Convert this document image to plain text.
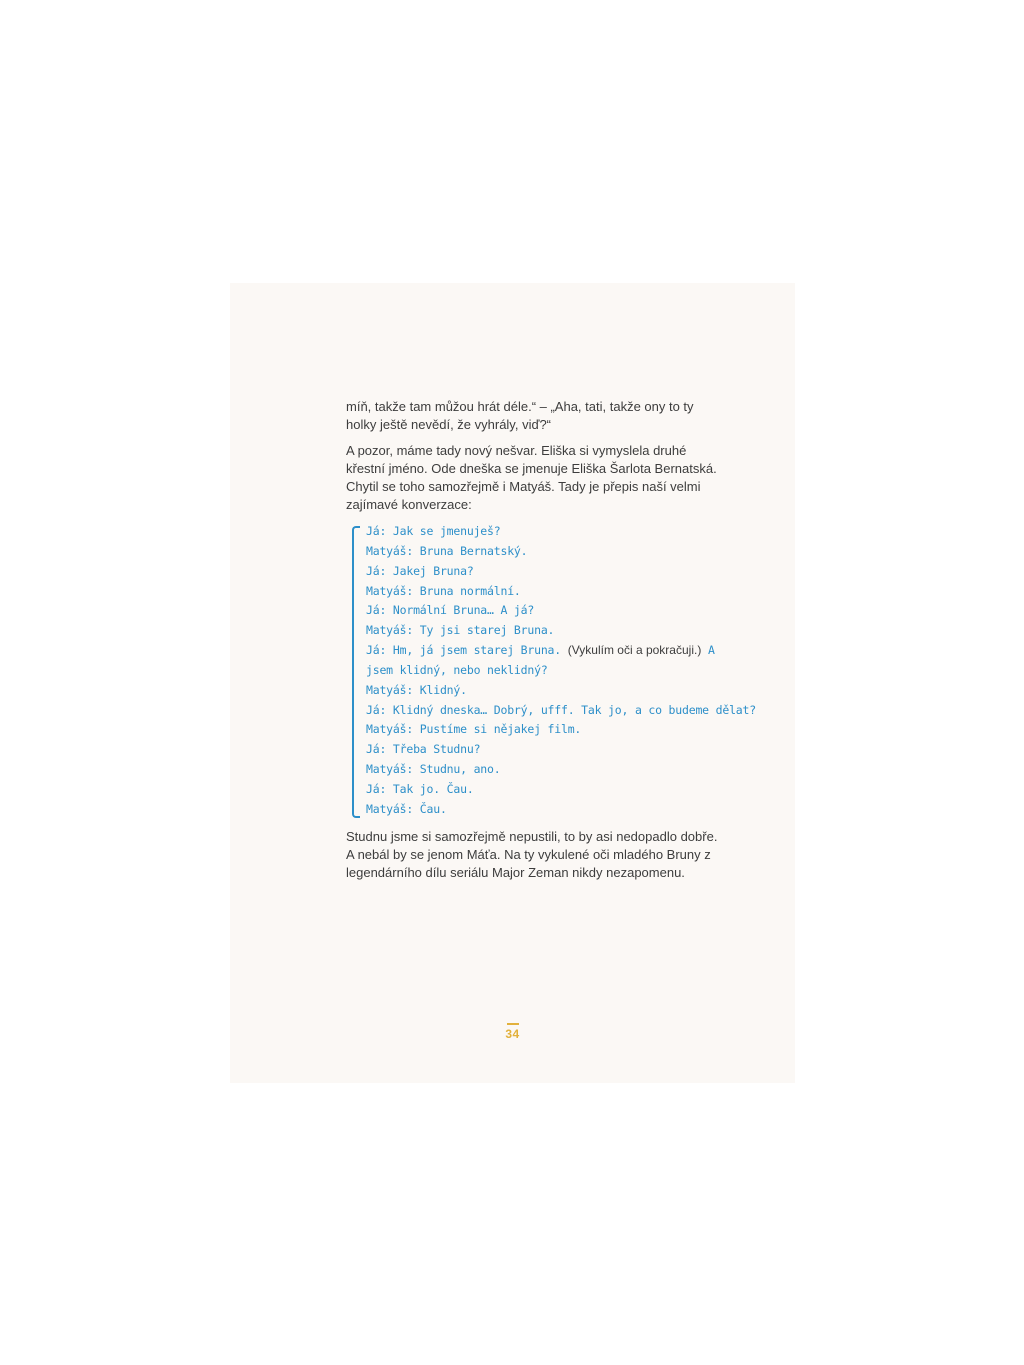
míň, takže tam můžou hrát déle.“ – „Aha, tati, takže ony to ty holky ještě nevědí, že vyhrály, viď?“

A pozor, máme tady nový nešvar. Eliška si vymyslela druhé křestní jméno. Ode dneška se jmenuje Eliška Šarlota Bernatská. Chytil se toho samozřejmě i Matyáš. Tady je přepis naší velmi zajímavé konverzace:

Já: Jak se jmenuješ?
Matyáš: Bruna Bernatský.
Já: Jakej Bruna?
Matyáš: Bruna normální.
Já: Normální Bruna… A já?
Matyáš: Ty jsi starej Bruna.
Já: Hm, já jsem starej Bruna. (Vykulím oči a pokračuji.) A jsem klidný, nebo neklidný?
Matyáš: Klidný.
Já: Klidný dneska… Dobrý, ufff. Tak jo, a co budeme dělat?
Matyáš: Pustíme si nějakej film.
Já: Třeba Studnu?
Matyáš: Studnu, ano.
Já: Tak jo. Čau.
Matyáš: Čau.

Studnu jsme si samozřejmě nepustili, to by asi nedopadlo dobře. A nebál by se jenom Máťa. Na ty vykulené oči mladého Bruny z legendárního dílu seriálu Major Zeman nikdy nezapomenu.

34
